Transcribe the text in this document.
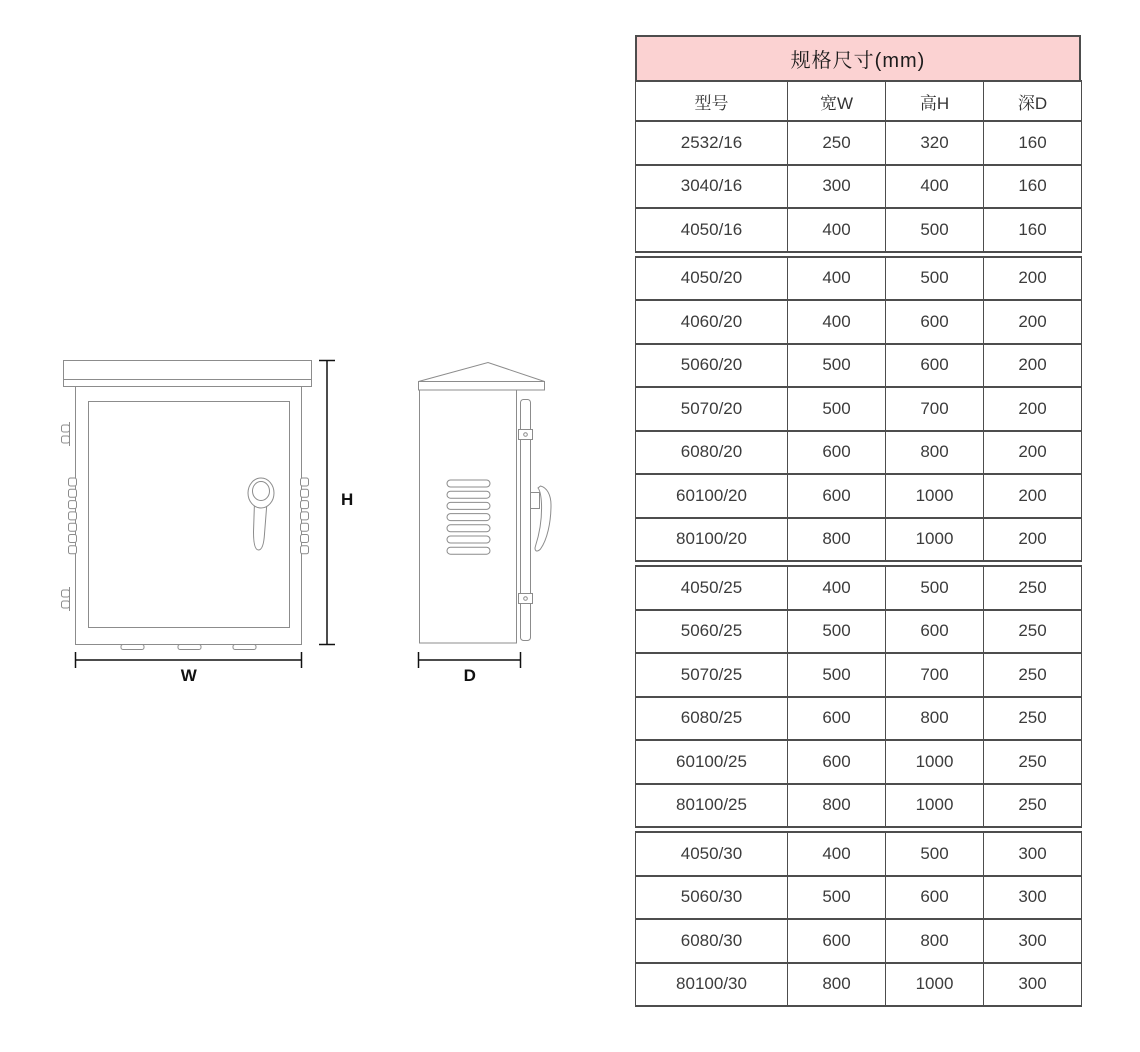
W
H
D
规格尺寸(mm)
型号	宽W	高H	深D
2532/16	250	320	160
3040/16	300	400	160
4050/16	400	500	160
4050/20	400	500	200
4060/20	400	600	200
5060/20	500	600	200
5070/20	500	700	200
6080/20	600	800	200
60100/20	600	1000	200
80100/20	800	1000	200
4050/25	400	500	250
5060/25	500	600	250
5070/25	500	700	250
6080/25	600	800	250
60100/25	600	1000	250
80100/25	800	1000	250
4050/30	400	500	300
5060/30	500	600	300
6080/30	600	800	300
80100/30	800	1000	300
